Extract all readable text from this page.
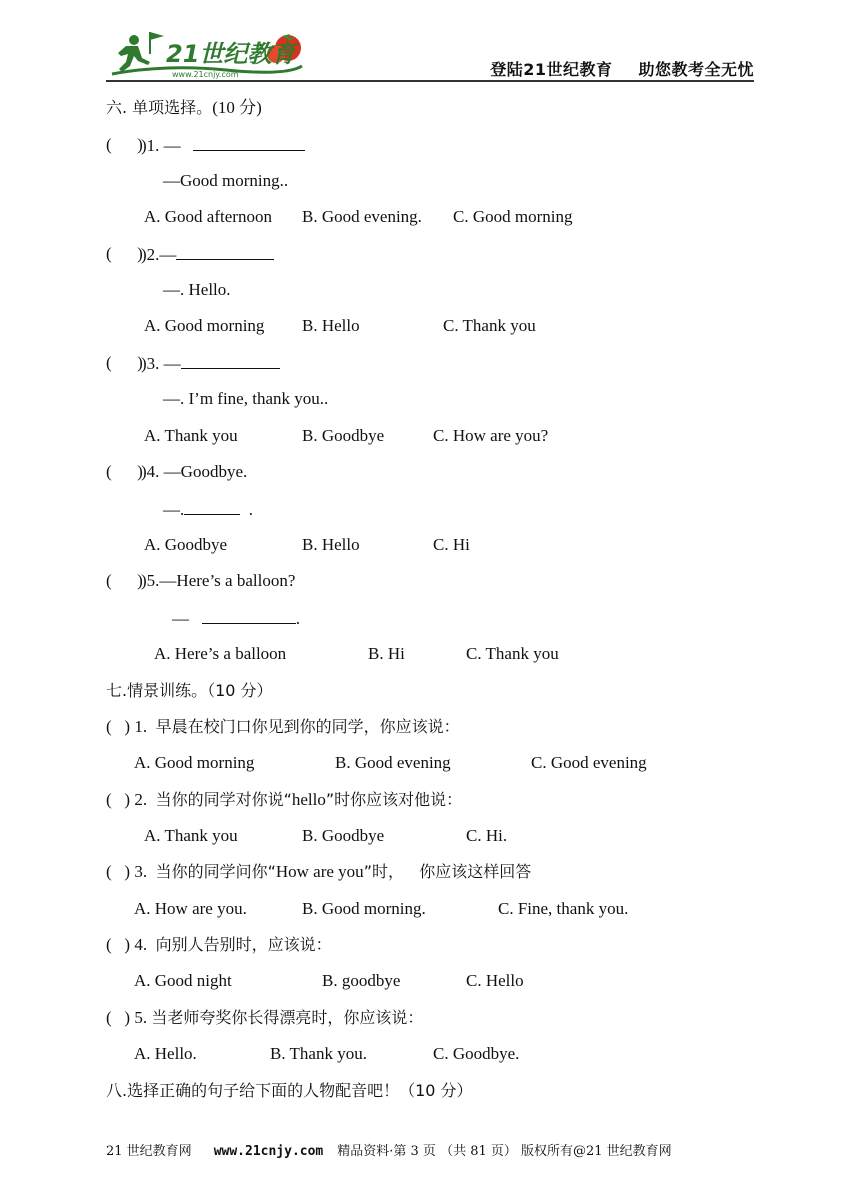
21世纪教育
www.21cnjy.com	登陆21世纪教育 助您教考全无忧
六. 单项选择。(10 分)
(      )
)1. —
—Good morning..
A. Good afternoon B. Good evening. C. Good morning
(      )
)2.—
—. Hello.
A. Good morning B. Hello	C. Thank you
(      )
)3. —
—. I’m fine, thank you..
A. Thank you	B. Goodbye	C. How are you?
(      )
)4. —Goodbye.
—.	.
A. Goodbye	B. Hello	C. Hi
(      )
)5.—Here’s a balloon?
—	.
A. Here’s a balloon	B. Hi	C. Thank you
七.情景训练。（10 分）
(   ) 1. 早晨在校门口你见到你的同学，你应该说：
A. Good morning	B. Good evening	C. Good evening
(   ) 2. 当你的同学对你说“hello”时你应该对他说：
A. Thank you	B. Goodbye	C. Hi.
(   ) 3. 当你的同学问你“How are you”时，   你应该这样回答
A. How are you.	B. Good morning.	C. Fine, thank you.
(   ) 4. 向别人告别时，应该说：
A. Good night	B. goodbye	C. Hello
(   ) 5. 当老师夸奖你长得漂亮时，你应该说：
A. Hello.	B. Thank you.	C. Goodbye.
八.选择正确的句子给下面的人物配音吧！（10 分）
21 世纪教育网 www.21cnjy.com 精品资料·第 3 页 （共 81 页） 版权所有@21 世纪教育网
